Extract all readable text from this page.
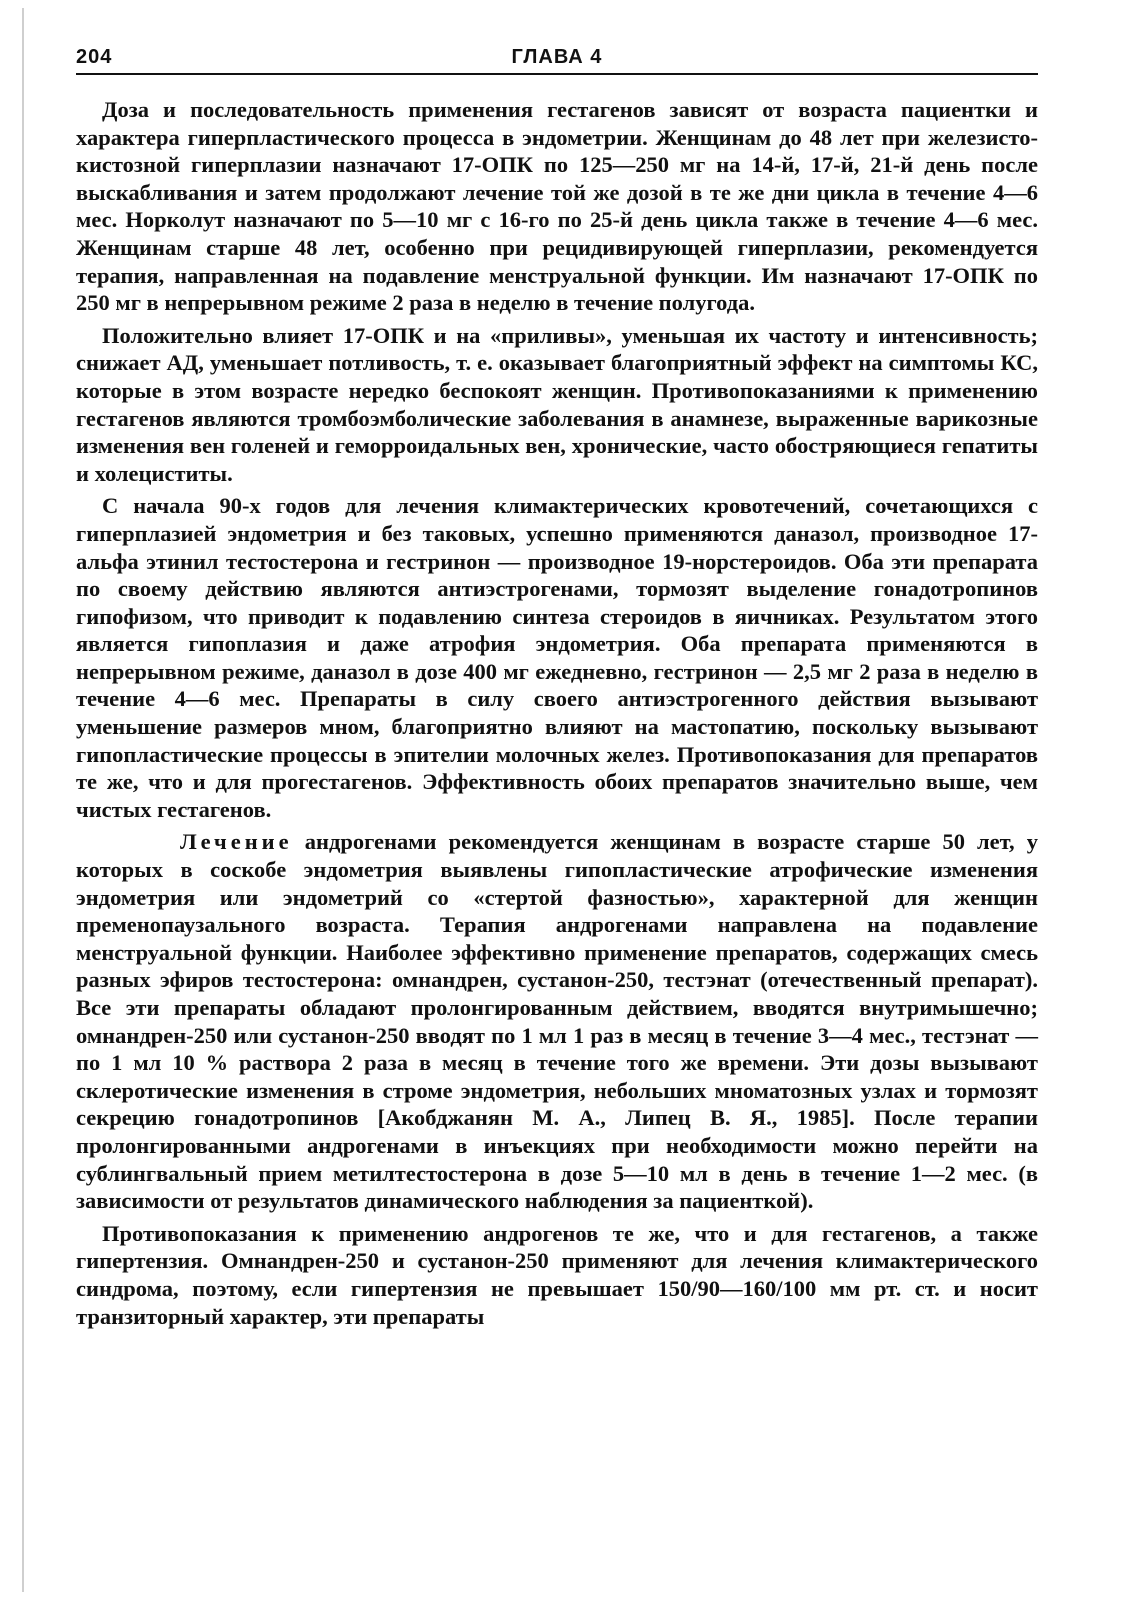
204	ГЛАВА 4

Доза и последовательность применения гестагенов зависят от возраста пациентки и характера гиперпластического процесса в эндометрии. Женщинам до 48 лет при железисто-кистозной гиперплазии назначают 17-ОПК по 125—250 мг на 14-й, 17-й, 21-й день после выскабливания и затем продолжают лечение той же дозой в те же дни цикла в течение 4—6 мес. Норколут назначают по 5—10 мг с 16-го по 25-й день цикла также в течение 4—6 мес. Женщинам старше 48 лет, особенно при рецидивирующей гиперплазии, рекомендуется терапия, направленная на подавление менструальной функции. Им назначают 17-ОПК по 250 мг в непрерывном режиме 2 раза в неделю в течение полугода.

Положительно влияет 17-ОПК и на «приливы», уменьшая их частоту и интенсивность; снижает АД, уменьшает потливость, т. е. оказывает благоприятный эффект на симптомы КС, которые в этом возрасте нередко беспокоят женщин. Противопоказаниями к применению гестагенов являются тромбоэмболические заболевания в анамнезе, выраженные варикозные изменения вен голеней и геморроидальных вен, хронические, часто обостряющиеся гепатиты и холециститы.

С начала 90-х годов для лечения климактерических кровотечений, сочетающихся с гиперплазией эндометрия и без таковых, успешно применяются даназол, производное 17-альфа этинил тестостерона и гестринон — производное 19-норстероидов. Оба эти препарата по своему действию являются антиэстрогенами, тормозят выделение гонадотропинов гипофизом, что приводит к подавлению синтеза стероидов в яичниках. Результатом этого является гипоплазия и даже атрофия эндометрия. Оба препарата применяются в непрерывном режиме, даназол в дозе 400 мг ежедневно, гестринон — 2,5 мг 2 раза в неделю в течение 4—6 мес. Препараты в силу своего антиэстрогенного действия вызывают уменьшение размеров мном, благоприятно влияют на мастопатию, поскольку вызывают гипопластические процессы в эпителии молочных желез. Противопоказания для препаратов те же, что и для прогестагенов. Эффективность обоих препаратов значительно выше, чем чистых гестагенов.

Лечение андрогенами рекомендуется женщинам в возрасте старше 50 лет, у которых в соскобе эндометрия выявлены гипопластические атрофические изменения эндометрия или эндометрий со «стертой фазностью», характерной для женщин пременопаузального возраста. Терапия андрогенами направлена на подавление менструальной функции. Наиболее эффективно применение препаратов, содержащих смесь разных эфиров тестостерона: омнандрен, сустанон-250, тестэнат (отечественный препарат). Все эти препараты обладают пролонгированным действием, вводятся внутримышечно; омнандрен-250 или сустанон-250 вводят по 1 мл 1 раз в месяц в течение 3—4 мес., тестэнат — по 1 мл 10 % раствора 2 раза в месяц в течение того же времени. Эти дозы вызывают склеротические изменения в строме эндометрия, небольших мноматозных узлах и тормозят секрецию гонадотропинов [Акобджанян М. А., Липец В. Я., 1985]. После терапии пролонгированными андрогенами в инъекциях при необходимости можно перейти на сублингвальный прием метилтестостерона в дозе 5—10 мл в день в течение 1—2 мес. (в зависимости от результатов динамического наблюдения за пациенткой).

Противопоказания к применению андрогенов те же, что и для гестагенов, а также гипертензия. Омнандрен-250 и сустанон-250 применяют для лечения климактерического синдрома, поэтому, если гипертензия не превышает 150/90—160/100 мм рт. ст. и носит транзиторный характер, эти препараты
